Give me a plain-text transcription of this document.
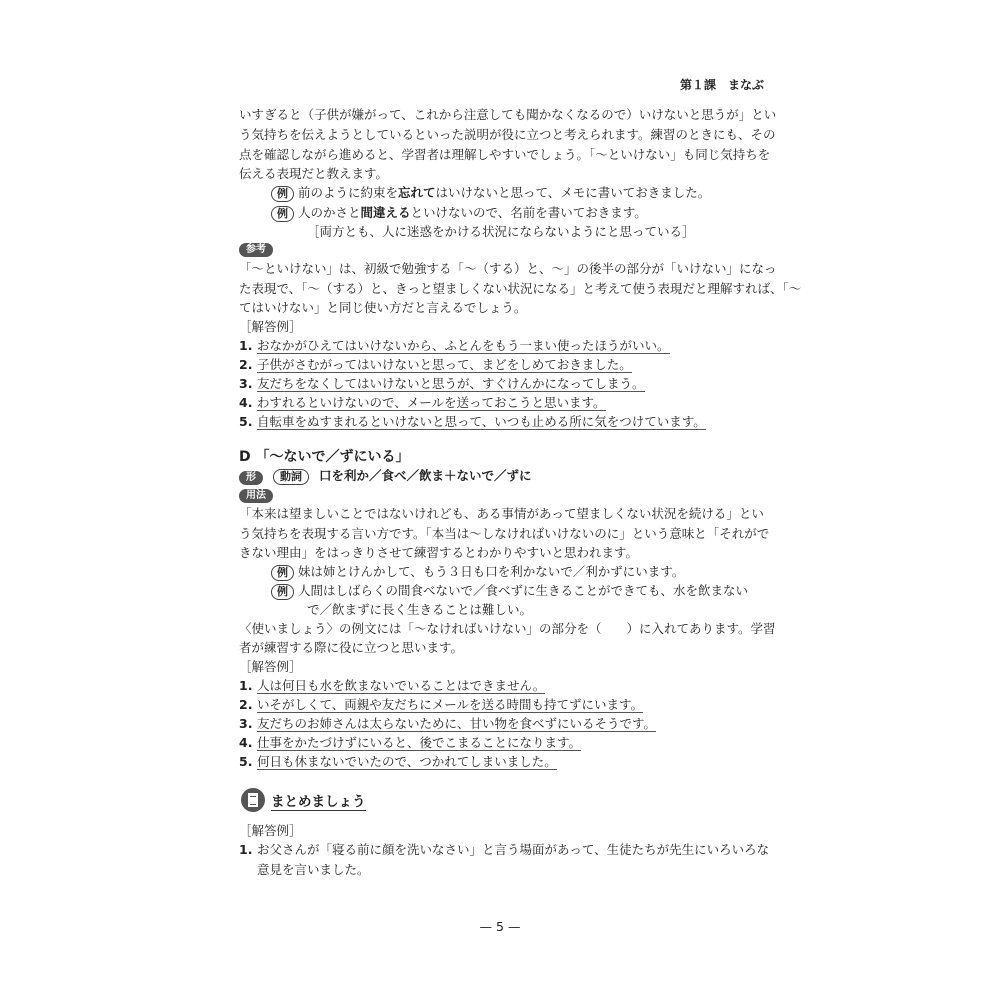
第１課　まなぶ
いすぎると（子供が嫌がって、これから注意しても聞かなくなるので）いけないと思うが」とい
う気持ちを伝えようとしているといった説明が役に立つと考えられます。練習のときにも、その
点を確認しながら進めると、学習者は理解しやすいでしょう。「〜といけない」も同じ気持ちを
伝える表現だと教えます。
例 前のように約束を忘れてはいけないと思って、メモに書いておきました。
例 人のかさと間違えるといけないので、名前を書いておきます。
［両方とも、人に迷惑をかける状況にならないようにと思っている］
参考
「〜といけない」は、初級で勉強する「〜（する）と、〜」の後半の部分が「いけない」になっ
た表現で、「〜（する）と、きっと望ましくない状況になる」と考えて使う表現だと理解すれば、「〜
てはいけない」と同じ使い方だと言えるでしょう。
［解答例］
1. おなかがひえてはいけないから、ふとんをもう一まい使ったほうがいい。
2. 子供がさむがってはいけないと思って、まどをしめておきました。
3. 友だちをなくしてはいけないと思うが、すぐけんかになってしまう。
4. わすれるといけないので、メールを送っておこうと思います。
5. 自転車をぬすまれるといけないと思って、いつも止める所に気をつけています。
D 「〜ないで／ずにいる」
形 動詞 口を利か／食べ／飲ま＋ないで／ずに
用法
「本来は望ましいことではないけれども、ある事情があって望ましくない状況を続ける」とい
う気持ちを表現する言い方です。「本当は〜しなければいけないのに」という意味と「それがで
きない理由」をはっきりさせて練習するとわかりやすいと思われます。
例 妹は姉とけんかして、もう３日も口を利かないで／利かずにいます。
例 人間はしばらくの間食べないで／食べずに生きることができても、水を飲まない
で／飲まずに長く生きることは難しい。
〈使いましょう〉の例文には「〜なければいけない」の部分を（　　）に入れてあります。学習
者が練習する際に役に立つと思います。
［解答例］
1. 人は何日も水を飲まないでいることはできません。
2. いそがしくて、両親や友だちにメールを送る時間も持てずにいます。
3. 友だちのお姉さんは太らないために、甘い物を食べずにいるそうです。
4. 仕事をかたづけずにいると、後でこまることになります。
5. 何日も休まないでいたので、つかれてしまいました。
まとめましょう
［解答例］
1. お父さんが「寝る前に顔を洗いなさい」と言う場面があって、生徒たちが先生にいろいろな
意見を言いました。
— 5 —
